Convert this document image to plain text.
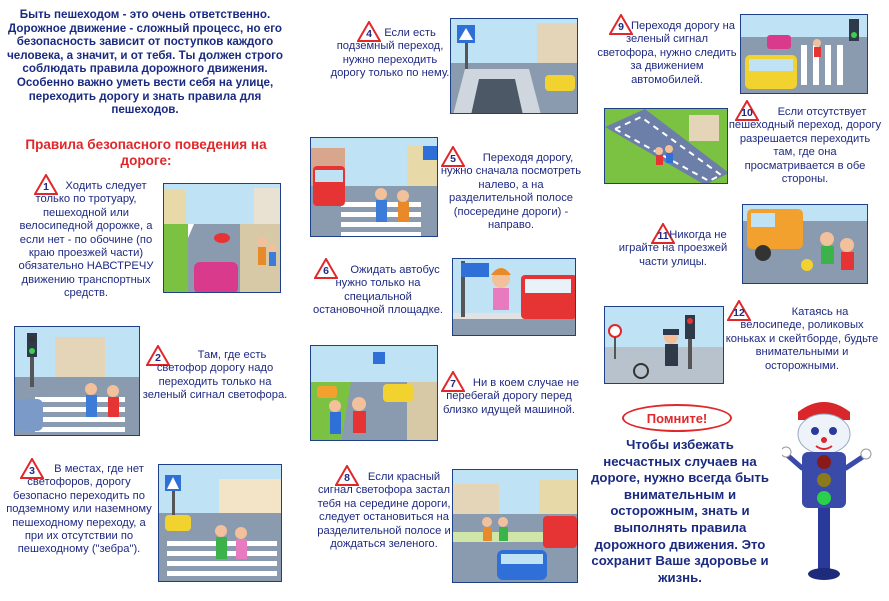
Быть пешеходом - это очень ответственно. Дорожное движение - сложный процесс, но его безопасность зависит от поступков каждого человека, а значит, и от тебя. Ты должен строго соблюдать правила дорожного движения. Особенно важно уметь вести себя на улице, переходить дорогу и знать правила для пешеходов.
Правила безопасного поведения на дороге:
1	Ходить следует только по тротуару, пешеходной или велосипедной дорожке, а если нет - по обочине (по краю проезжей части) обязательно НАВСТРЕЧУ движению транспортных средств.
2	Там, где есть светофор дорогу надо переходить только на зеленый сигнал светофора.
3	В местах, где нет светофоров, дорогу безопасно переходить по подземному или наземному пешеходному переходу, а при их отсутствии по пешеходному ("зебра").
4	Если есть подземный переход, нужно переходить дорогу только по нему.
5	Переходя дорогу, нужно сначала посмотреть налево, а на разделительной полосе (посередине дороги) - направо.
6	Ожидать автобус нужно только на специальной остановочной площадке.
7	Ни в коем случае не перебегай дорогу перед близко идущей машиной.
8	Если красный сигнал светофора застал тебя на середине дороги, следует остановиться на разделительной полосе и дождаться зеленого.
9 Переходя дорогу на зеленый сигнал светофора, нужно следить за движением автомобилей.
10	Если отсутствует пешеходный переход, дорогу разрешается переходить там, где она просматривается в обе стороны.
11 Никогда не играйте на проезжей части улицы.
12	Катаясь на велосипеде, роликовых коньках и скейтборде, будьте внимательными и осторожными.
Помните!
Чтобы избежать несчастных случаев на дороге, нужно всегда быть внимательным и осторожным, знать и выполнять правила дорожного движения. Это сохранит Ваше здоровье и жизнь.
